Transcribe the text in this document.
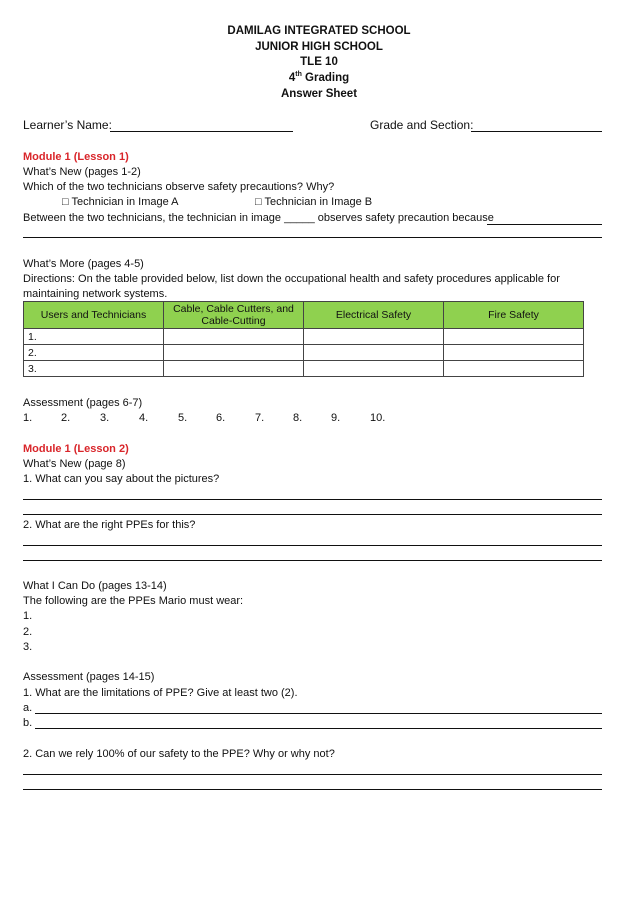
DAMILAG INTEGRATED SCHOOL
JUNIOR HIGH SCHOOL
TLE 10
4th Grading
Answer Sheet
Learner’s Name:	Grade and Section:
Module 1 (Lesson 1)
What’s New (pages 1-2)
Which of the two technicians observe safety precautions? Why?
□ Technician in Image A	□ Technician in Image B
Between the two technicians, the technician in image _____ observes safety precaution because
What’s More (pages 4-5)
Directions: On the table provided below, list down the occupational health and safety procedures applicable for
maintaining network systems.
Users and Technicians	Cable, Cable Cutters, and Cable-Cutting	Electrical Safety	Fire Safety
1.			
2.			
3.			
Assessment (pages 6-7)
1.	2.	3.	4.	5.	6.	7.	8.	9.	10.
Module 1 (Lesson 2)
What’s New (page 8)
1. What can you say about the pictures?
2. What are the right PPEs for this?
What I Can Do (pages 13-14)
The following are the PPEs Mario must wear:
1.
2.
3.
Assessment (pages 14-15)
1. What are the limitations of PPE? Give at least two (2).
a.
b.
2. Can we rely 100% of our safety to the PPE? Why or why not?
